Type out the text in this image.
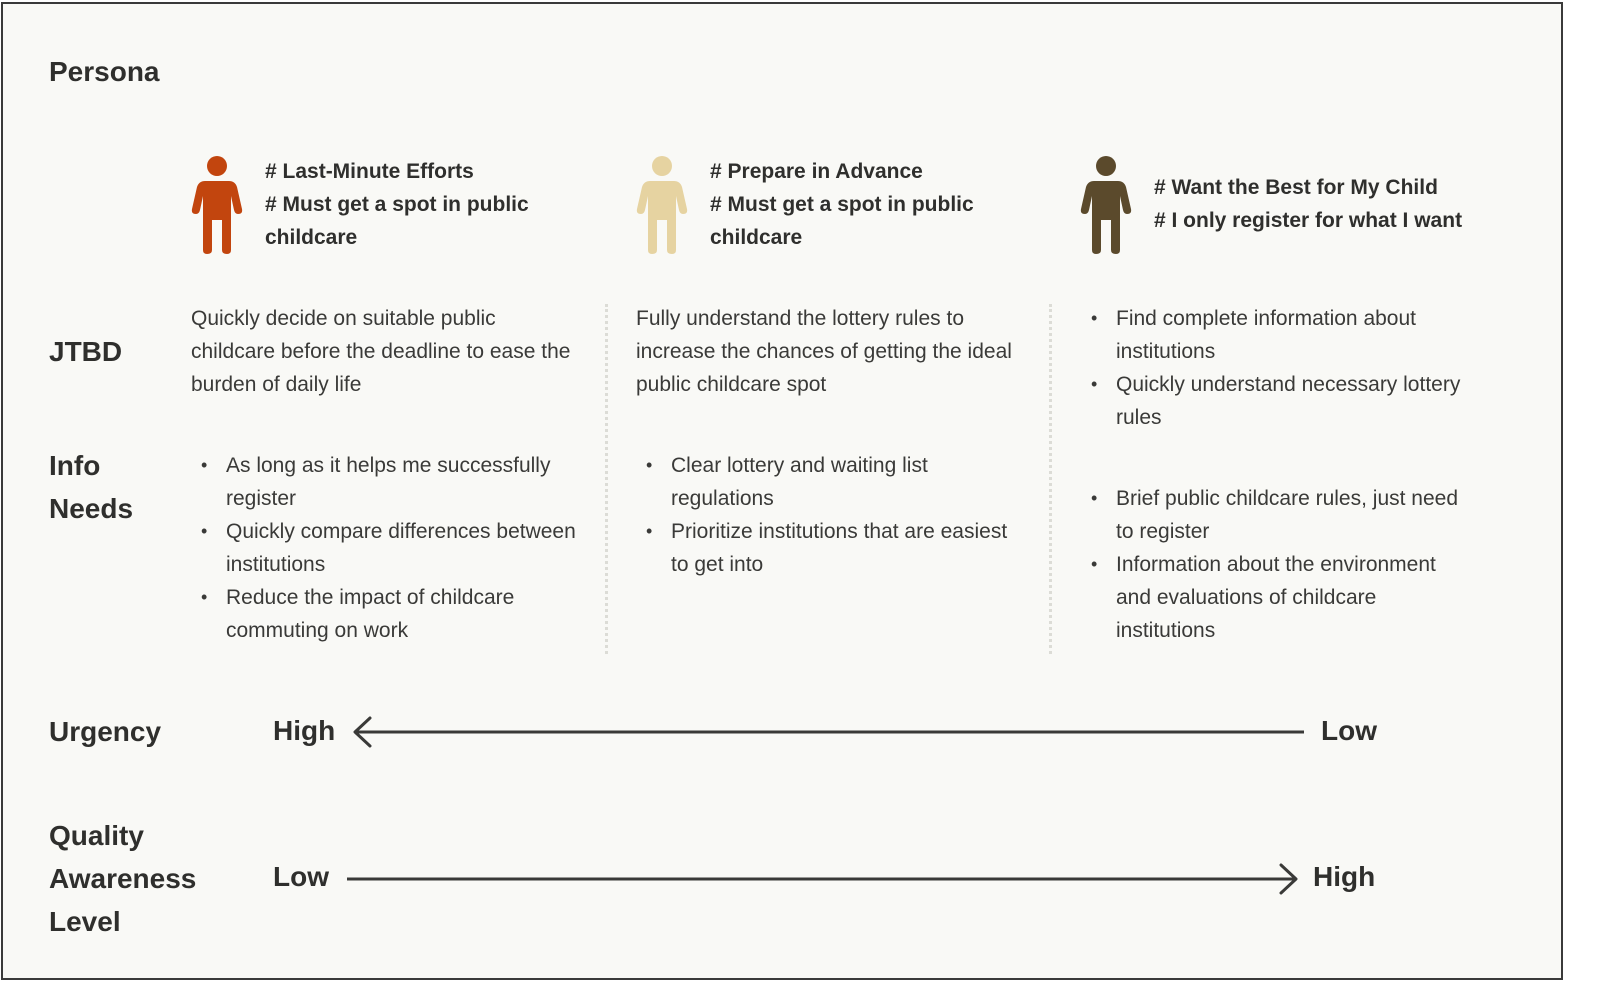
Persona
# Last-Minute Efforts
# Must get a spot in public childcare
# Prepare in Advance
# Must get a spot in public childcare
# Want the Best for My Child
# I only register for what I want
JTBD
Info
Needs
Urgency
Quality
Awareness
Level
Quickly decide on suitable public childcare before the deadline to ease the burden of daily life
Fully understand the lottery rules to increase the chances of getting the ideal public childcare spot
• Find complete information about institutions
• Quickly understand necessary lottery rules
• As long as it helps me successfully register
• Quickly compare differences between institutions
• Reduce the impact of childcare commuting on work
• Clear lottery and waiting list regulations
• Prioritize institutions that are easiest to get into
• Brief public childcare rules, just need to register
• Information about the environment and evaluations of childcare institutions
High	Low
Low	High
